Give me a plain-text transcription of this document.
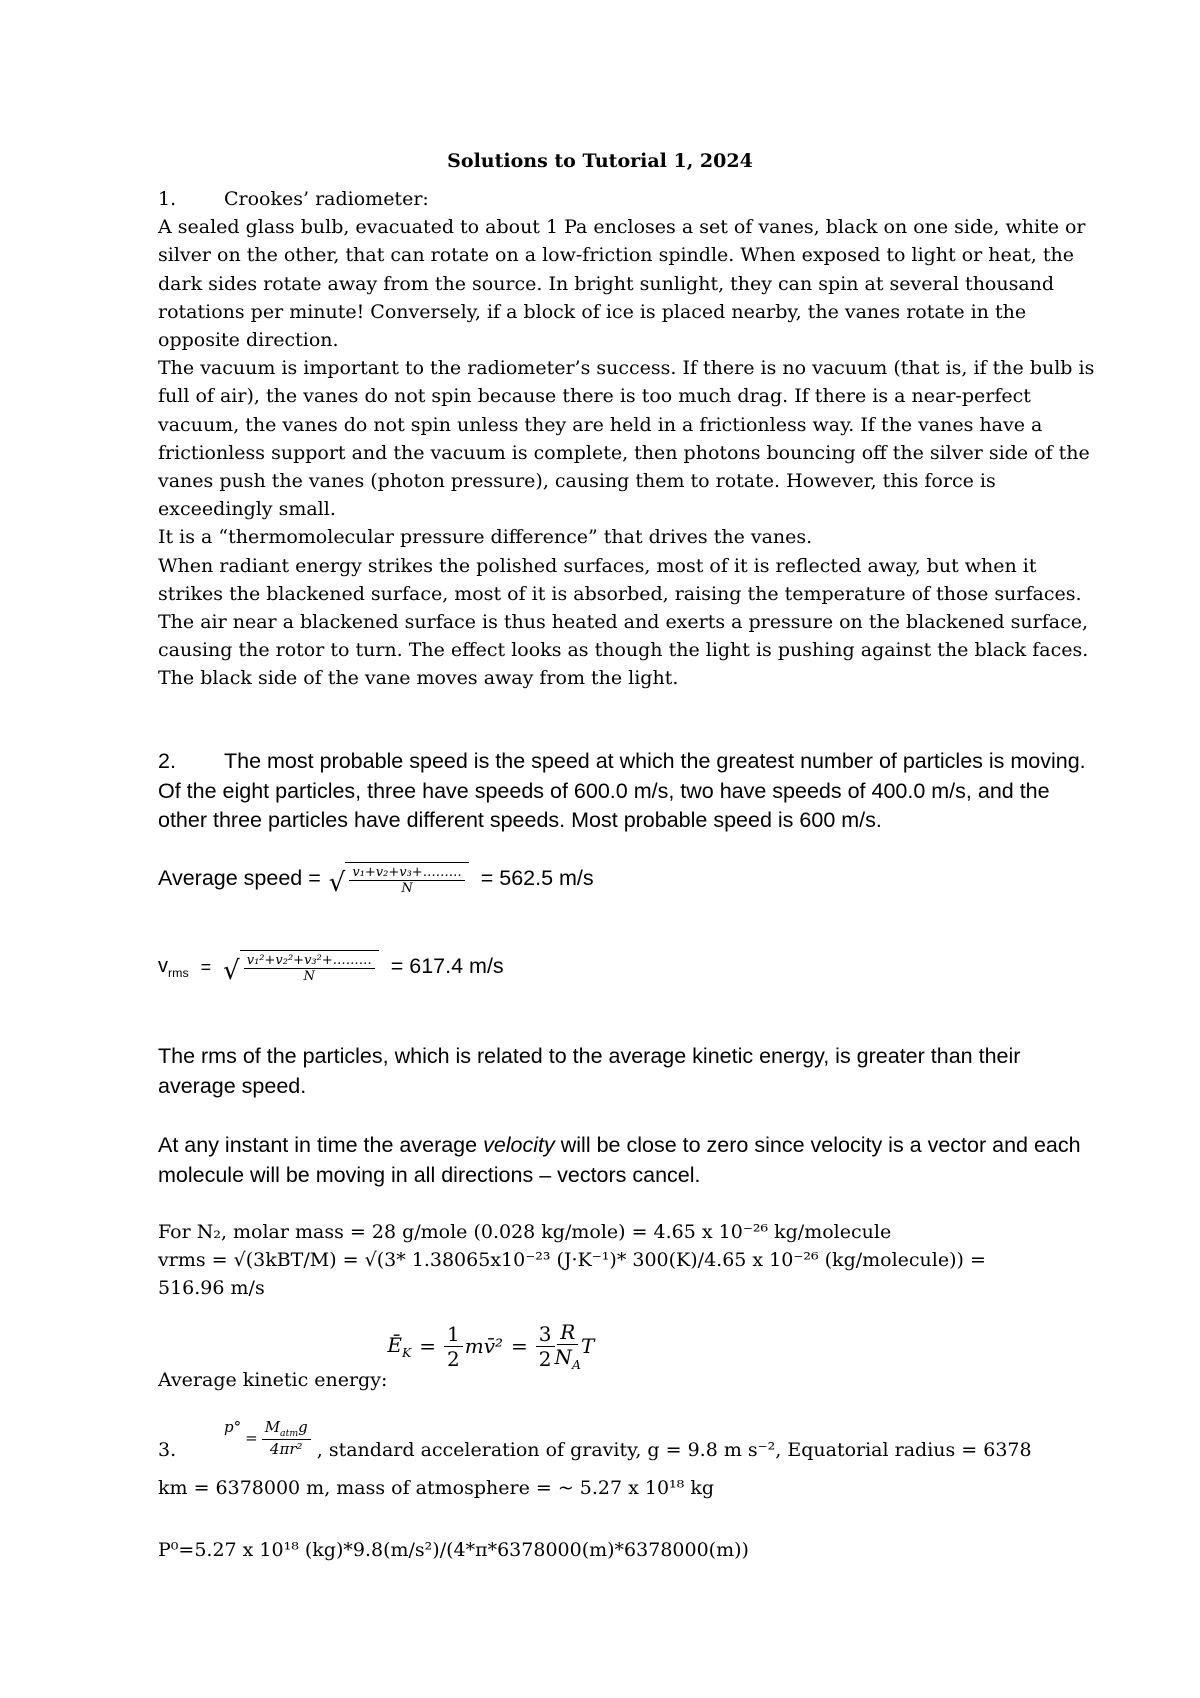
Solutions to Tutorial 1, 2024

1.	Crookes’ radiometer:

A sealed glass bulb, evacuated to about 1 Pa encloses a set of vanes, black on one side, white or silver on the other, that can rotate on a low-friction spindle. When exposed to light or heat, the dark sides rotate away from the source. In bright sunlight, they can spin at several thousand rotations per minute! Conversely, if a block of ice is placed nearby, the vanes rotate in the opposite direction.

The vacuum is important to the radiometer’s success. If there is no vacuum (that is, if the bulb is full of air), the vanes do not spin because there is too much drag. If there is a near-perfect vacuum, the vanes do not spin unless they are held in a frictionless way. If the vanes have a frictionless support and the vacuum is complete, then photons bouncing off the silver side of the vanes push the vanes (photon pressure), causing them to rotate. However, this force is exceedingly small.

It is a “thermomolecular pressure difference” that drives the vanes.

When radiant energy strikes the polished surfaces, most of it is reflected away, but when it strikes the blackened surface, most of it is absorbed, raising the temperature of those surfaces. The air near a blackened surface is thus heated and exerts a pressure on the blackened surface, causing the rotor to turn. The effect looks as though the light is pushing against the black faces. The black side of the vane moves away from the light.

2. The most probable speed is the speed at which the greatest number of particles is moving. Of the eight particles, three have speeds of 600.0 m/s, two have speeds of 400.0 m/s, and the other three particles have different speeds. Most probable speed is 600 m/s.

Average speed = √ $\frac{\text{v₁+v₂+v₃+………}}{N} = 562.5$ m/s
$v_{rms}$ = √ $\frac{\text{v₁²+v₂²+v₃²+………}}{N} = 617.4$ m/s

The rms of the particles, which is related to the average kinetic energy, is greater than their average speed.

At any instant in time the average velocity will be close to zero since velocity is a vector and each molecule will be moving in all directions – vectors cancel.

For N₂, molar mass = 28 g/mole (0.028 kg/mole) = 4.65 x 10⁻²⁶ kg/molecule

vrms = √(3kBT/M) = √(3* 1.38065x10⁻²³ (J·K⁻¹)* 300(K)/4.65 x 10⁻²⁶ (kg/molecule)) =

516.96 m/s

Average kinetic energy:
$Ē_K = \frac{1}{2}$ mv̄² = $\frac{3}{2} \frac{R}{N_A}$ T
3.
p°
= $\frac{M_{atm}g}{\text{4πr²}}$ , standard acceleration of gravity, g = 9.8 m s⁻², Equatorial radius = 6378

km = 6378000 m, mass of atmosphere = ~ 5.27 x 10¹⁸ kg

P⁰=5.27 x 10¹⁸ (kg)*9.8(m/s²)/(4*π*6378000(m)*6378000(m))
